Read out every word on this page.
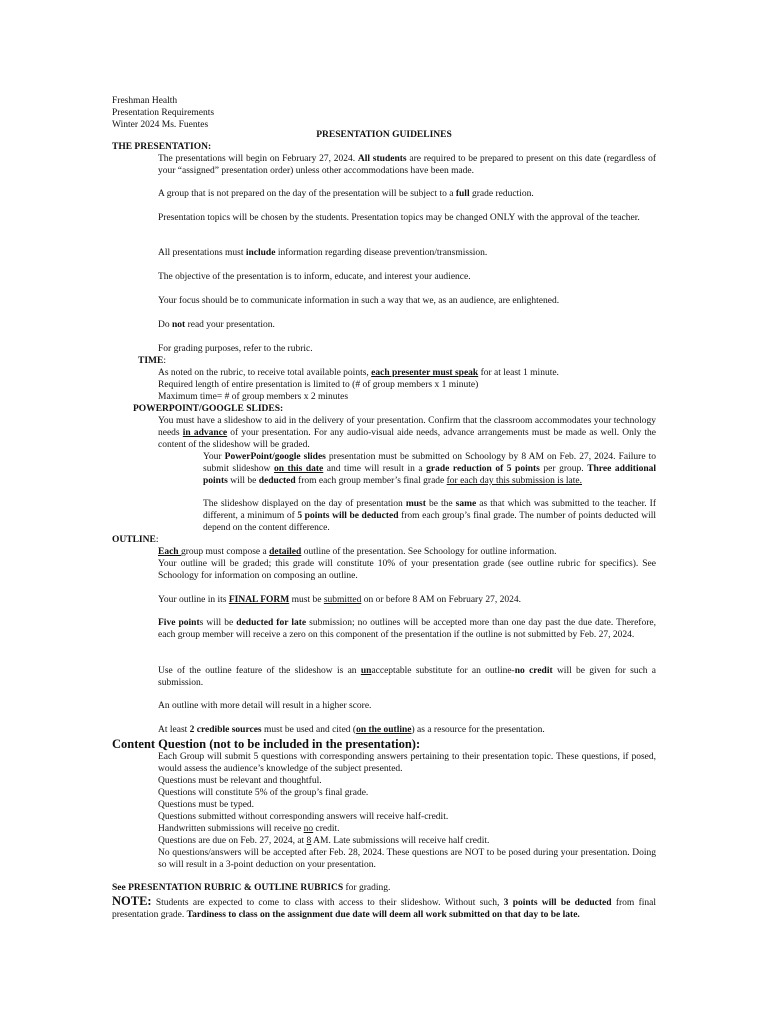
Freshman Health
Presentation Requirements
Winter 2024 Ms. Fuentes
PRESENTATION GUIDELINES
THE PRESENTATION:
The presentations will begin on February 27, 2024. All students are required to be prepared to present on this date (regardless of your “assigned” presentation order) unless other accommodations have been made.
A group that is not prepared on the day of the presentation will be subject to a full grade reduction.
Presentation topics will be chosen by the students. Presentation topics may be changed ONLY with the approval of the teacher.
All presentations must include information regarding disease prevention/transmission.
The objective of the presentation is to inform, educate, and interest your audience.
Your focus should be to communicate information in such a way that we, as an audience, are enlightened.
Do not read your presentation.
For grading purposes, refer to the rubric.
TIME:
As noted on the rubric, to receive total available points, each presenter must speak for at least 1 minute.
Required length of entire presentation is limited to (# of group members x 1 minute)
Maximum time= # of group members x 2 minutes
POWERPOINT/GOOGLE SLIDES:
You must have a slideshow to aid in the delivery of your presentation. Confirm that the classroom accommodates your technology needs in advance of your presentation. For any audio-visual aide needs, advance arrangements must be made as well. Only the content of the slideshow will be graded.
Your PowerPoint/google slides presentation must be submitted on Schoology by 8 AM on Feb. 27, 2024. Failure to submit slideshow on this date and time will result in a grade reduction of 5 points per group. Three additional points will be deducted from each group member’s final grade for each day this submission is late.
The slideshow displayed on the day of presentation must be the same as that which was submitted to the teacher. If different, a minimum of 5 points will be deducted from each group’s final grade. The number of points deducted will depend on the content difference.
OUTLINE:
Each group must compose a detailed outline of the presentation. See Schoology for outline information.
Your outline will be graded; this grade will constitute 10% of your presentation grade (see outline rubric for specifics). See Schoology for information on composing an outline.
Your outline in its FINAL FORM must be submitted on or before 8 AM on February 27, 2024.
Five points will be deducted for late submission; no outlines will be accepted more than one day past the due date. Therefore, each group member will receive a zero on this component of the presentation if the outline is not submitted by Feb. 27, 2024.
Use of the outline feature of the slideshow is an unacceptable substitute for an outline-no credit will be given for such a submission.
An outline with more detail will result in a higher score.
At least 2 credible sources must be used and cited (on the outline) as a resource for the presentation.
Content Question (not to be included in the presentation):
Each Group will submit 5 questions with corresponding answers pertaining to their presentation topic. These questions, if posed, would assess the audience’s knowledge of the subject presented.
Questions must be relevant and thoughtful.
Questions will constitute 5% of the group’s final grade.
Questions must be typed.
Questions submitted without corresponding answers will receive half-credit.
Handwritten submissions will receive no credit.
Questions are due on Feb. 27, 2024, at 8 AM. Late submissions will receive half credit.
No questions/answers will be accepted after Feb. 28, 2024. These questions are NOT to be posed during your presentation. Doing so will result in a 3-point deduction on your presentation.
See PRESENTATION RUBRIC & OUTLINE RUBRICS for grading.
NOTE: Students are expected to come to class with access to their slideshow. Without such, 3 points will be deducted from final presentation grade. Tardiness to class on the assignment due date will deem all work submitted on that day to be late.
